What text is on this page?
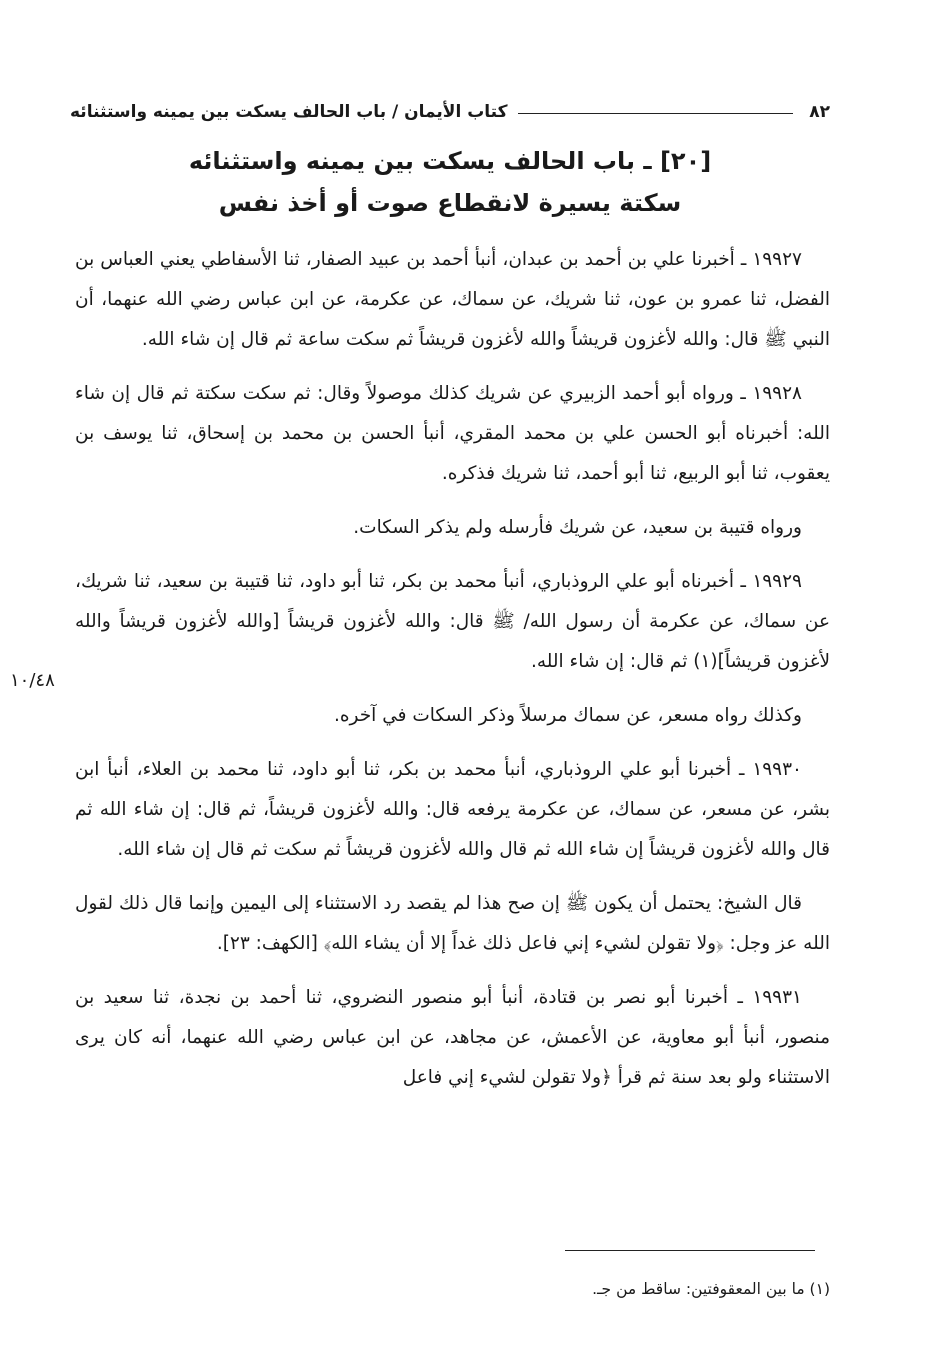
٨٢
كتاب الأيمان / باب الحالف يسكت بين يمينه واستثنائه
[٢٠] ـ باب الحالف يسكت بين يمينه واستثنائه
سكتة يسيرة لانقطاع صوت أو أخذ نفس
١٠/٤٨

١٩٩٢٧ ـ أخبرنا علي بن أحمد بن عبدان، أنبأ أحمد بن عبيد الصفار، ثنا الأسفاطي يعني العباس بن الفضل، ثنا عمرو بن عون، ثنا شريك، عن سماك، عن عكرمة، عن ابن عباس رضي الله عنهما، أن النبي ﷺ قال: والله لأغزون قريشاً والله لأغزون قريشاً ثم سكت ساعة ثم قال إن شاء الله.

١٩٩٢٨ ـ ورواه أبو أحمد الزبيري عن شريك كذلك موصولاً وقال: ثم سكت سكتة ثم قال إن شاء الله: أخبرناه أبو الحسن علي بن محمد المقري، أنبأ الحسن بن محمد بن إسحاق، ثنا يوسف بن يعقوب، ثنا أبو الربيع، ثنا أبو أحمد، ثنا شريك فذكره.

ورواه قتيبة بن سعيد، عن شريك فأرسله ولم يذكر السكات.

١٩٩٢٩ ـ أخبرناه أبو علي الروذباري، أنبأ محمد بن بكر، ثنا أبو داود، ثنا قتيبة بن سعيد، ثنا شريك، عن سماك، عن عكرمة أن رسول الله/ ﷺ قال: والله لأغزون قريشاً [والله لأغزون قريشاً والله لأغزون قريشاً](١) ثم قال: إن شاء الله.

وكذلك رواه مسعر، عن سماك مرسلاً وذكر السكات في آخره.

١٩٩٣٠ ـ أخبرنا أبو علي الروذباري، أنبأ محمد بن بكر، ثنا أبو داود، ثنا محمد بن العلاء، أنبأ ابن بشر، عن مسعر، عن سماك، عن عكرمة يرفعه قال: والله لأغزون قريشاً، ثم قال: إن شاء الله ثم قال والله لأغزون قريشاً إن شاء الله ثم قال والله لأغزون قريشاً ثم سكت ثم قال إن شاء الله.

قال الشيخ: يحتمل أن يكون ﷺ إن صح هذا لم يقصد رد الاستثناء إلى اليمين وإنما قال ذلك لقول الله عز وجل: ﴿ولا تقولن لشيء إني فاعل ذلك غداً إلا أن يشاء الله﴾ [الكهف: ٢٣].

١٩٩٣١ ـ أخبرنا أبو نصر بن قتادة، أنبأ أبو منصور النضروي، ثنا أحمد بن نجدة، ثنا سعيد بن منصور، أنبأ أبو معاوية، عن الأعمش، عن مجاهد، عن ابن عباس رضي الله عنهما، أنه كان يرى الاستثناء ولو بعد سنة ثم قرأ ﴿ولا تقولن لشيء إني فاعل

(١) ما بين المعقوفتين: ساقط من جـ.
